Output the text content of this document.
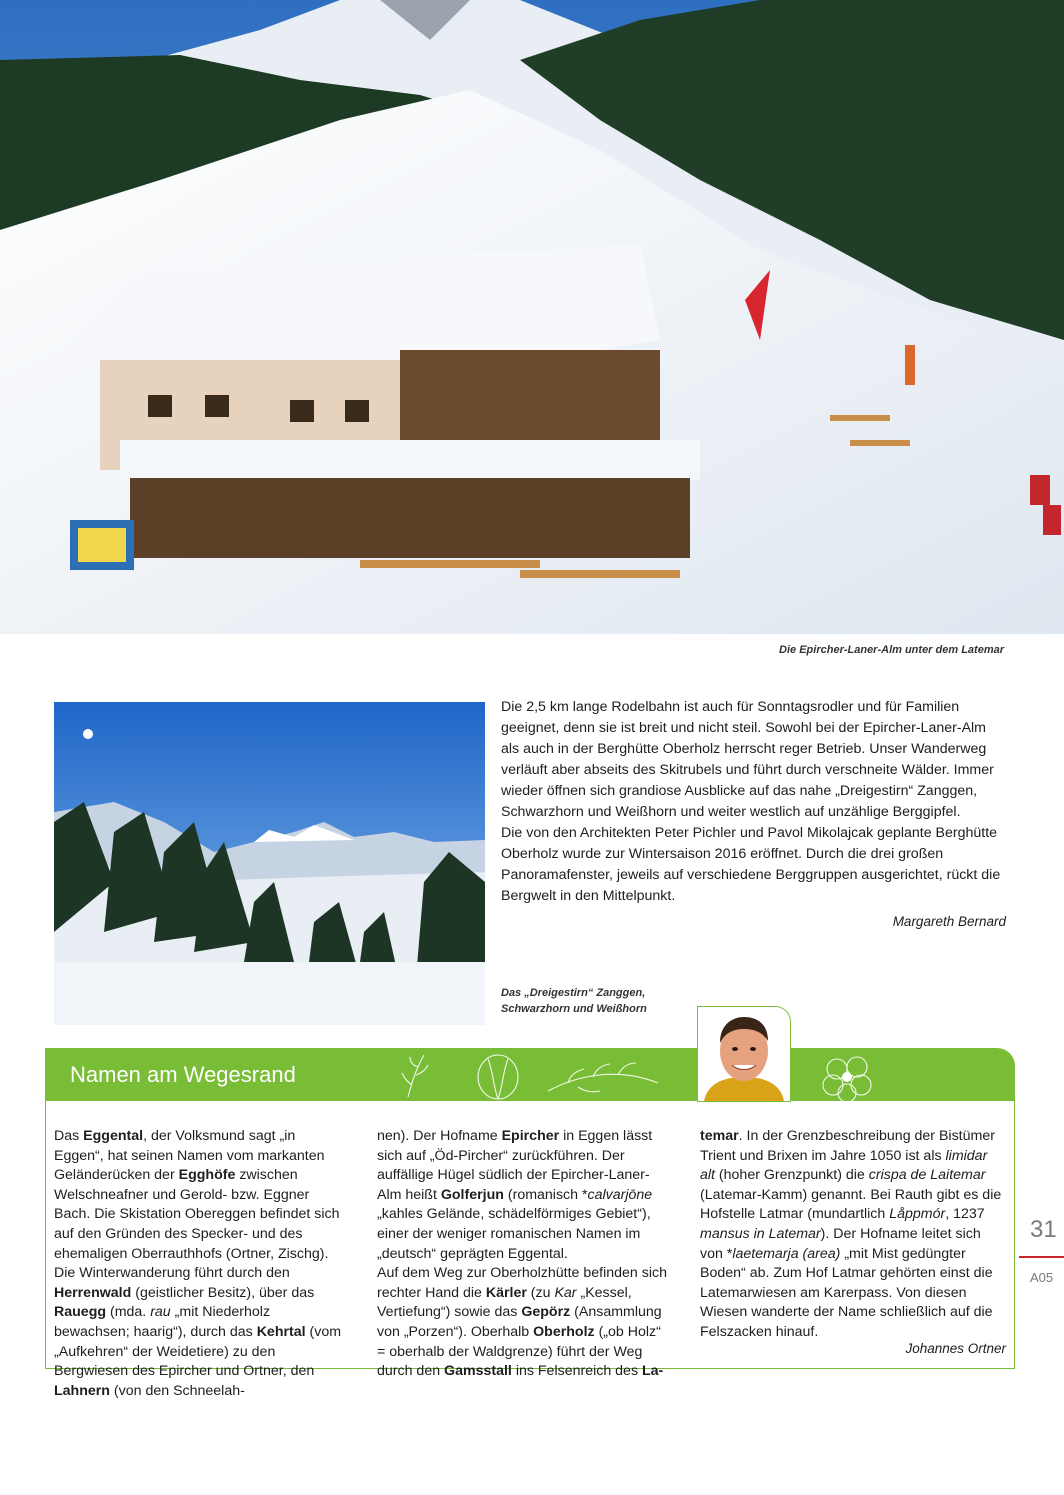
Die Epircher-Laner-Alm unter dem Latemar
Das „Dreigestirn“ Zanggen,
Schwarzhorn und Weißhorn

Die 2,5 km lange Rodelbahn ist auch für Sonntagsrodler und für Familien geeignet, denn sie ist breit und nicht steil. Sowohl bei der Epircher-Laner-Alm als auch in der Berghütte Oberholz herrscht reger Betrieb. Unser Wanderweg verläuft aber abseits des Skitrubels und führt durch verschneite Wälder. Immer wieder öffnen sich grandiose Ausblicke auf das nahe „Dreigestirn“ Zanggen, Schwarzhorn und Weißhorn und weiter westlich auf unzählige Berggipfel.

Die von den Architekten Peter Pichler und Pavol Mikolajcak geplante Berghütte Oberholz wurde zur Wintersaison 2016 eröffnet. Durch die drei großen Panoramafenster, jeweils auf verschiedene Berggruppen ausgerichtet, rückt die Bergwelt in den Mittelpunkt.

Margareth Bernard

Namen am Wegesrand

Das Eggental, der Volksmund sagt „in Eggen“, hat seinen Namen vom markanten Geländerücken der Egghöfe zwischen Welschneafner und Gerold- bzw. Eggner Bach. Die Skistation Obereggen befindet sich auf den Gründen des Specker- und des ehemaligen Oberrauthhofs (Ortner, Zischg). Die Winterwanderung führt durch den Herrenwald (geistlicher Besitz), über das Rauegg (mda. rau „mit Niederholz bewachsen; haarig“), durch das Kehrtal (vom „Aufkehren“ der Weidetiere) zu den Bergwiesen des Epircher und Ortner, den Lahnern (von den Schneelah-

nen). Der Hofname Epircher in Eggen lässt sich auf „Öd-Pircher“ zurückführen. Der auffällige Hügel südlich der Epircher-Laner-Alm heißt Golferjun (romanisch *calvarjōne „kahles Gelände, schädelförmiges Gebiet“), einer der weniger romanischen Namen im „deutsch“ geprägten Eggental.

Auf dem Weg zur Oberholzhütte befinden sich rechter Hand die Kärler (zu Kar „Kessel, Vertiefung“) sowie das Gepörz (Ansammlung von „Porzen“). Oberhalb Oberholz („ob Holz“ = oberhalb der Waldgrenze) führt der Weg durch den Gamsstall ins Felsenreich des La-

temar. In der Grenzbeschreibung der Bistümer Trient und Brixen im Jahre 1050 ist als limidar alt (hoher Grenzpunkt) die crispa de Laitemar (Latemar-Kamm) genannt. Bei Rauth gibt es die Hofstelle Latmar (mundartlich Låppmór, 1237 mansus in Latemar). Der Hofname leitet sich von *laetemarja (area) „mit Mist gedüngter Boden“ ab. Zum Hof Latmar gehörten einst die Latemarwiesen am Karerpass. Von diesen Wiesen wanderte der Name schließlich auf die Felszacken hinauf.

Johannes Ortner
31
A05
